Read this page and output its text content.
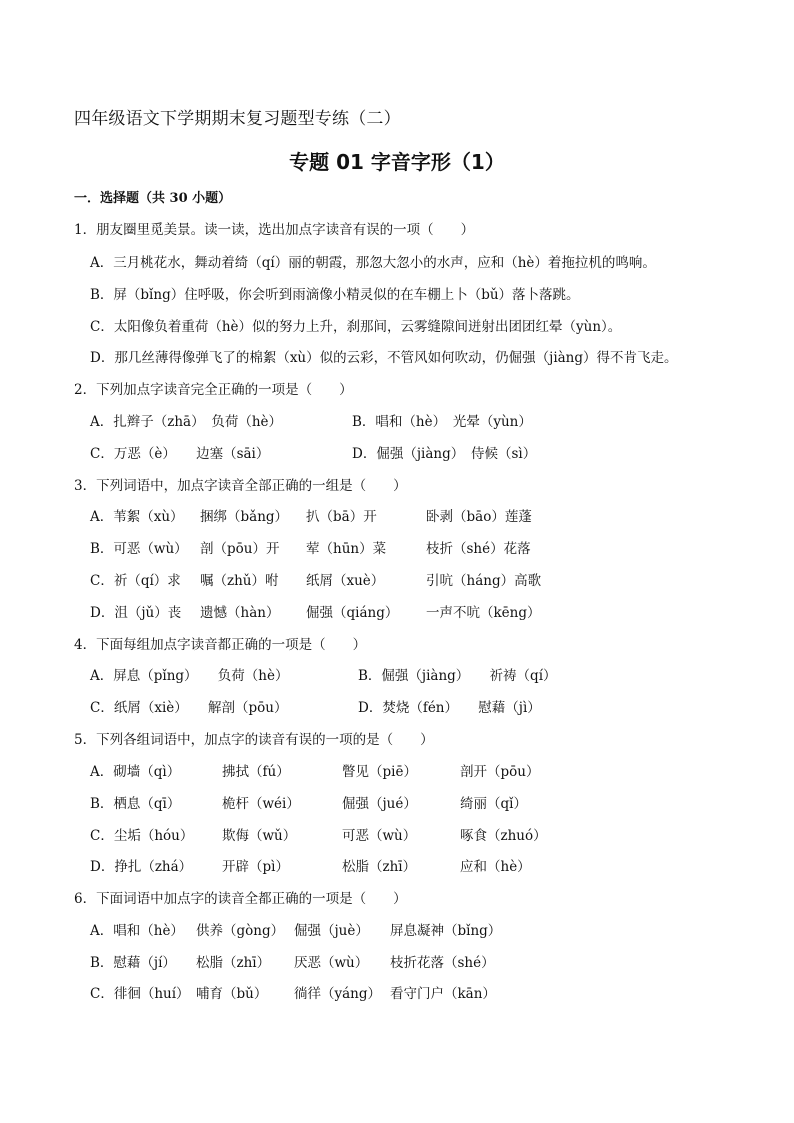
四年级语文下学期期末复习题型专练（二）
专题 01 字音字形（1）
一．选择题（共 30 小题）
1．朋友圈里觅美景。读一读，选出加点字读音有误的一项（　　）
A．三月桃花水，舞动着绮（qí）丽的朝霞，那忽大忽小的水声，应和（hè）着拖拉机的鸣响。
B．屏（bǐng）住呼吸，你会听到雨滴像小精灵似的在车棚上卜（bǔ）落卜落跳。
C．太阳像负着重荷（hè）似的努力上升，刹那间，云雾缝隙间迸射出团团红晕（yùn）。
D．那几丝薄得像弹飞了的棉絮（xù）似的云彩，不管风如何吹动，仍倔强（jiàng）得不肯飞走。
2．下列加点字读音完全正确的一项是（　　）
A．扎辫子（zhā）　负荷（hè）	B．唱和（hè）　光晕（yùn）
C．万恶（è）　　边塞（sāi）	D．倔强（jiàng）　侍候（sì）
3．下列词语中，加点字读音全部正确的一组是（　　）
A．苇絮（xù） 捆绑（bǎng） 扒（bā）开	卧剥（bāo）莲蓬
B．可恶（wù） 剖（pōu）开 荤（hūn）菜	枝折（shé）花落
C．祈（qí）求 嘱（zhǔ）咐 纸屑（xuè）	引吭（háng）高歌
D．沮（jǔ）丧 遗憾（hàn） 倔强（qiáng） 一声不吭（kēng）
4．下面每组加点字读音都正确的一项是（　　）
A．屏息（pǐng）　　负荷（hè）	B．倔强（jiàng）　　祈祷（qí）
C．纸屑（xiè）　　解剖（pōu）	D．焚烧（fén）　　慰藉（jì）
5．下列各组词语中，加点字的读音有误的一项的是（　　）
A．砌墙（qì）	拂拭（fú）	瞥见（piē）	剖开（pōu）
B．栖息（qī）	桅杆（wéi）	倔强（jué）	绮丽（qǐ）
C．尘垢（hóu） 欺侮（wǔ）	可恶（wù）	啄食（zhuó）
D．挣扎（zhá） 开辟（pì）	松脂（zhī）	应和（hè）
6．下面词语中加点字的读音全都正确的一项是（　　）
A．唱和（hè） 供养（gòng） 倔强（juè） 屏息凝神（bǐng）
B．慰藉（jí） 松脂（zhī） 厌恶（wù） 枝折花落（shé）
C．徘徊（huí） 哺育（bǔ） 徜徉（yáng） 看守门户（kān）
